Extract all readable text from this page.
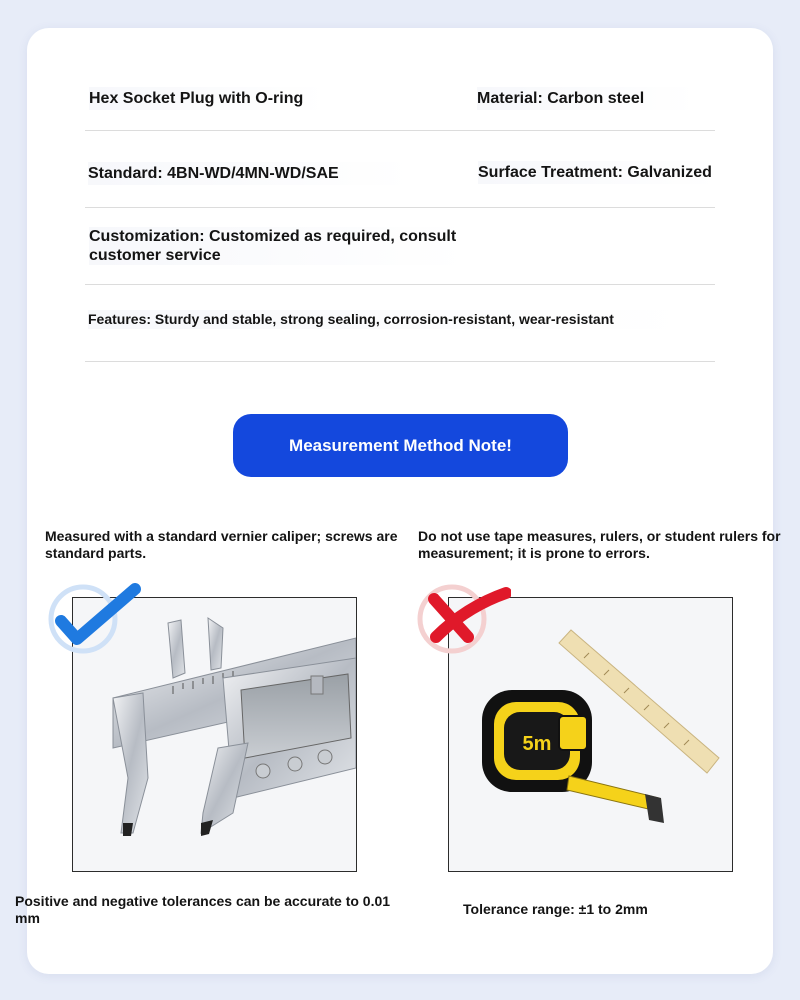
Hex Socket Plug with O-ring	Material: Carbon steel
Standard: 4BN-WD/4MN-WD/SAE	Surface Treatment: Galvanized
Customization: Customized as required, consult customer service
Features: Sturdy and stable, strong sealing, corrosion-resistant, wear-resistant
Measurement Method Note!
Measured with a standard vernier caliper; screws are standard parts.
Do not use tape measures, rulers, or student rulers for measurement; it is prone to errors.
5m
Positive and negative tolerances can be accurate to 0.01 mm
Tolerance range: ±1 to 2mm
